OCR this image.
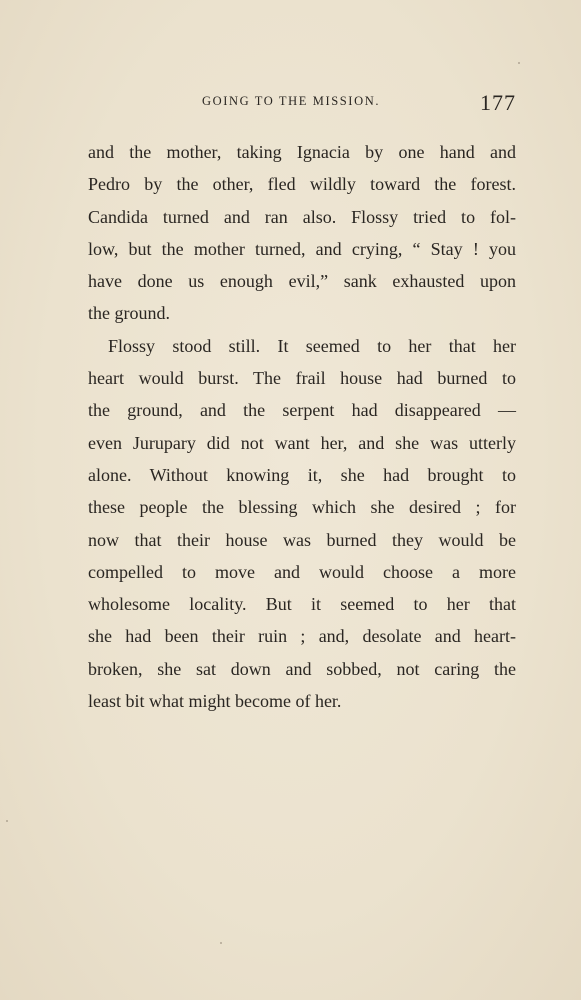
GOING TO THE MISSION.	177
and the mother, taking Ignacia by one hand and
Pedro by the other, fled wildly toward the forest.
Candida turned and ran also. Flossy tried to fol-
low, but the mother turned, and crying, “ Stay ! you
have done us enough evil,” sank exhausted upon
the ground.
Flossy stood still. It seemed to her that her
heart would burst. The frail house had burned to
the ground, and the serpent had disappeared —
even Jurupary did not want her, and she was utterly
alone. Without knowing it, she had brought to
these people the blessing which she desired ; for
now that their house was burned they would be
compelled to move and would choose a more
wholesome locality. But it seemed to her that
she had been their ruin ; and, desolate and heart-
broken, she sat down and sobbed, not caring the
least bit what might become of her.
